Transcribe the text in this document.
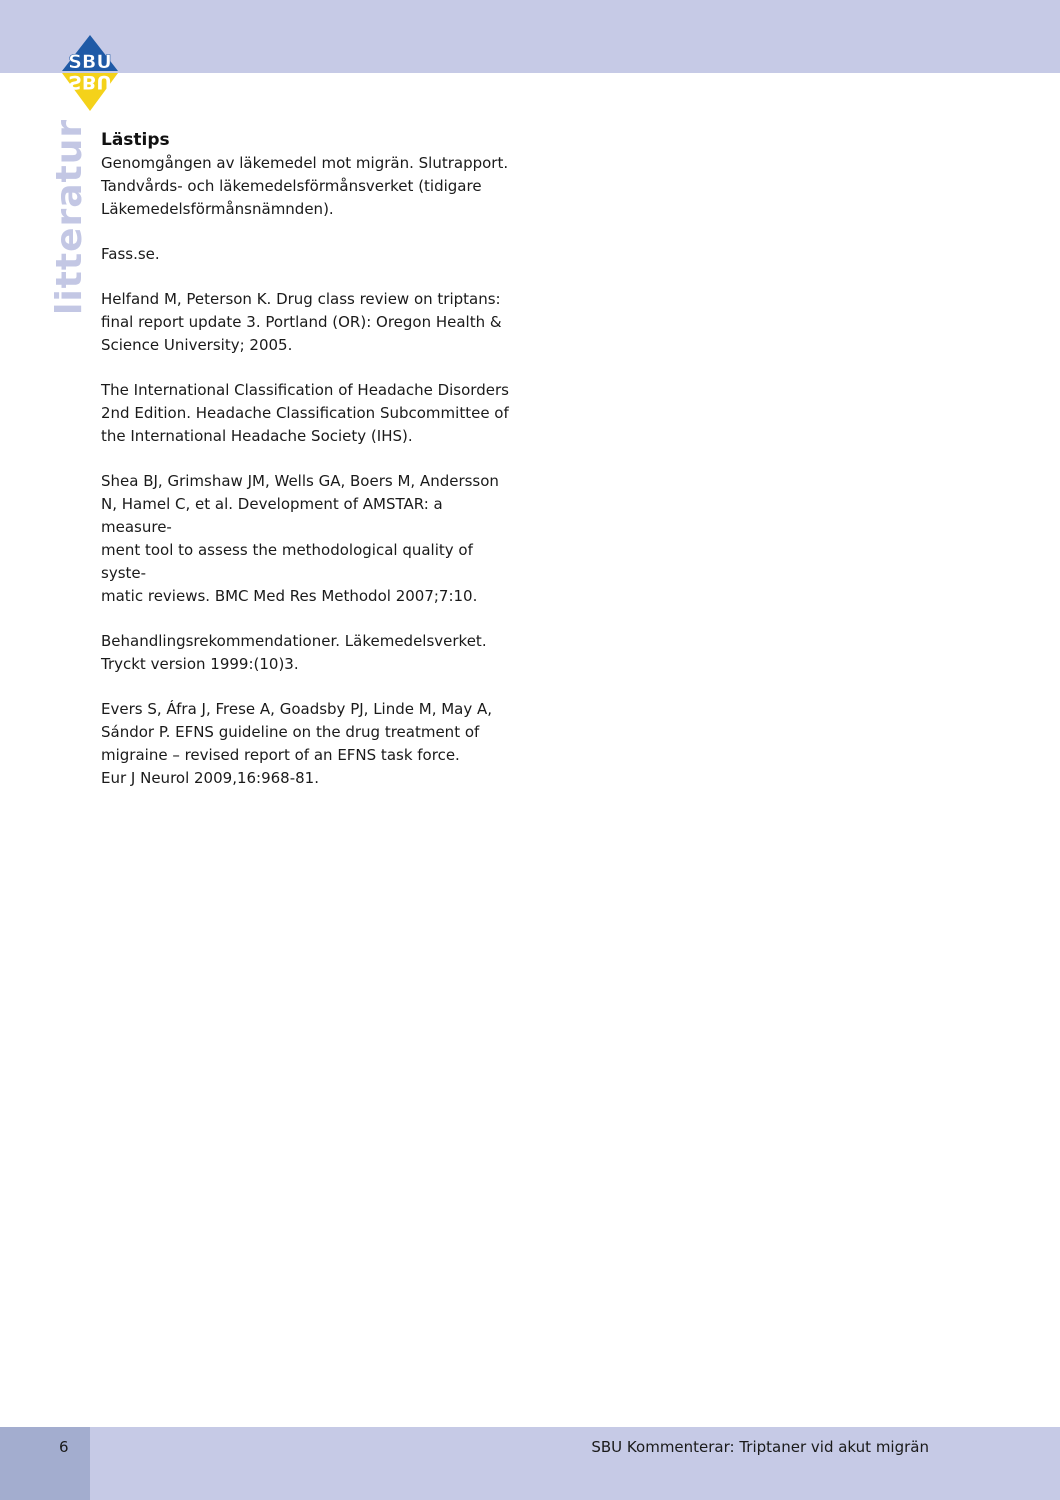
SBU
SBU
litteratur Lästips

Genomgången av läkemedel mot migrän. Slutrapport.
Tandvårds- och läkemedelsförmånsverket (tidigare
Läkemedelsförmånsnämnden).

Fass.se.

Helfand M, Peterson K. Drug class review on triptans:
final report update 3. Portland (OR): Oregon Health &
Science University; 2005.

The International Classification of Headache Disorders
2nd Edition. Headache Classification Subcommittee of
the International Headache Society (IHS).

Shea BJ, Grimshaw JM, Wells GA, Boers M, Andersson
N, Hamel C, et al. Development of AMSTAR: a measure-
ment tool to assess the methodological quality of syste-
matic reviews. BMC Med Res Methodol 2007;7:10.

Behandlingsrekommendationer. Läkemedelsverket.
Tryckt version 1999:(10)3.

Evers S, Áfra J, Frese A, Goadsby PJ, Linde M, May A,
Sándor P. EFNS guideline on the drug treatment of
migraine – revised report of an EFNS task force.
Eur J Neurol 2009,16:968-81.

6	SBU Kommenterar: Triptaner vid akut migrän
